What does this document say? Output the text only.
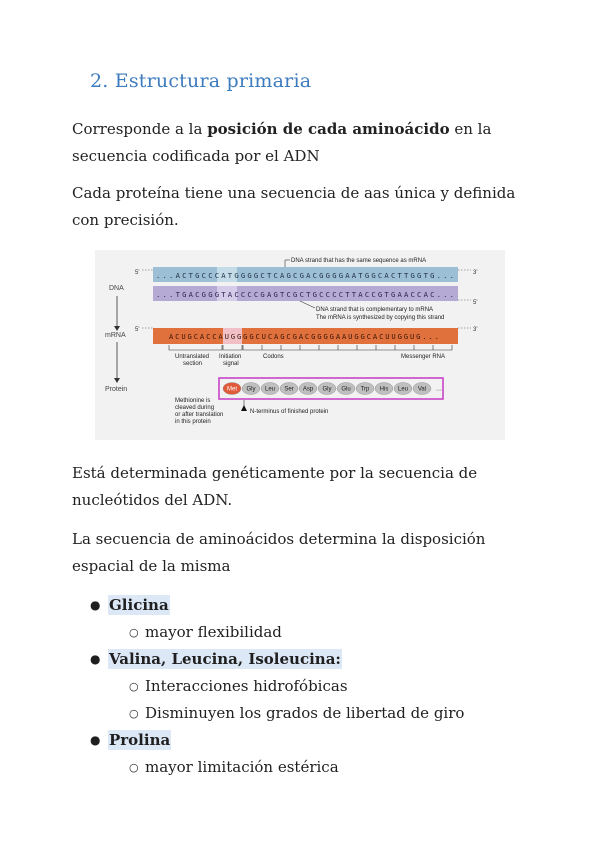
2. Estructura primaria

Corresponde a la posición de cada aminoácido en la secuencia codificada por el ADN

Cada proteína tiene una secuencia de aas única y definida con precisión.

DNA
mRNA
Protein
5' ...ACTGCCCATGGGGCTCAGCGACGGGGAATGGCACTTGGTG...	3'
...TGACGGGTACCCCGAGTCGCTGCCCCTTACCGTGAACCAC...
5'
DNA strand that has the same sequence as mRNA
DNA strand that is complementary to mRNA
The mRNA is synthesized by copying this strand
5'
ACUGCACCAUGGGGCUCAGCGACGGGGAAUGGCACUUGGUG...
3'
Untranslated
section
Initiation
signal
Codons	Messenger RNA
Met Gly Leu Ser Asp Gly Glu Trp His Leu Val ...
Methionine is
cleaved during
or after translation
in this protein
N-terminus of finished protein

Está determinada genéticamente por la secuencia de nucleótidos del ADN.

La secuencia de aminoácidos determina la disposición espacial de la misma

● Glicina
○ mayor flexibilidad
● Valina, Leucina, Isoleucina:
○ Interacciones hidrofóbicas
○ Disminuyen los grados de libertad de giro
● Prolina
○ mayor limitación estérica
